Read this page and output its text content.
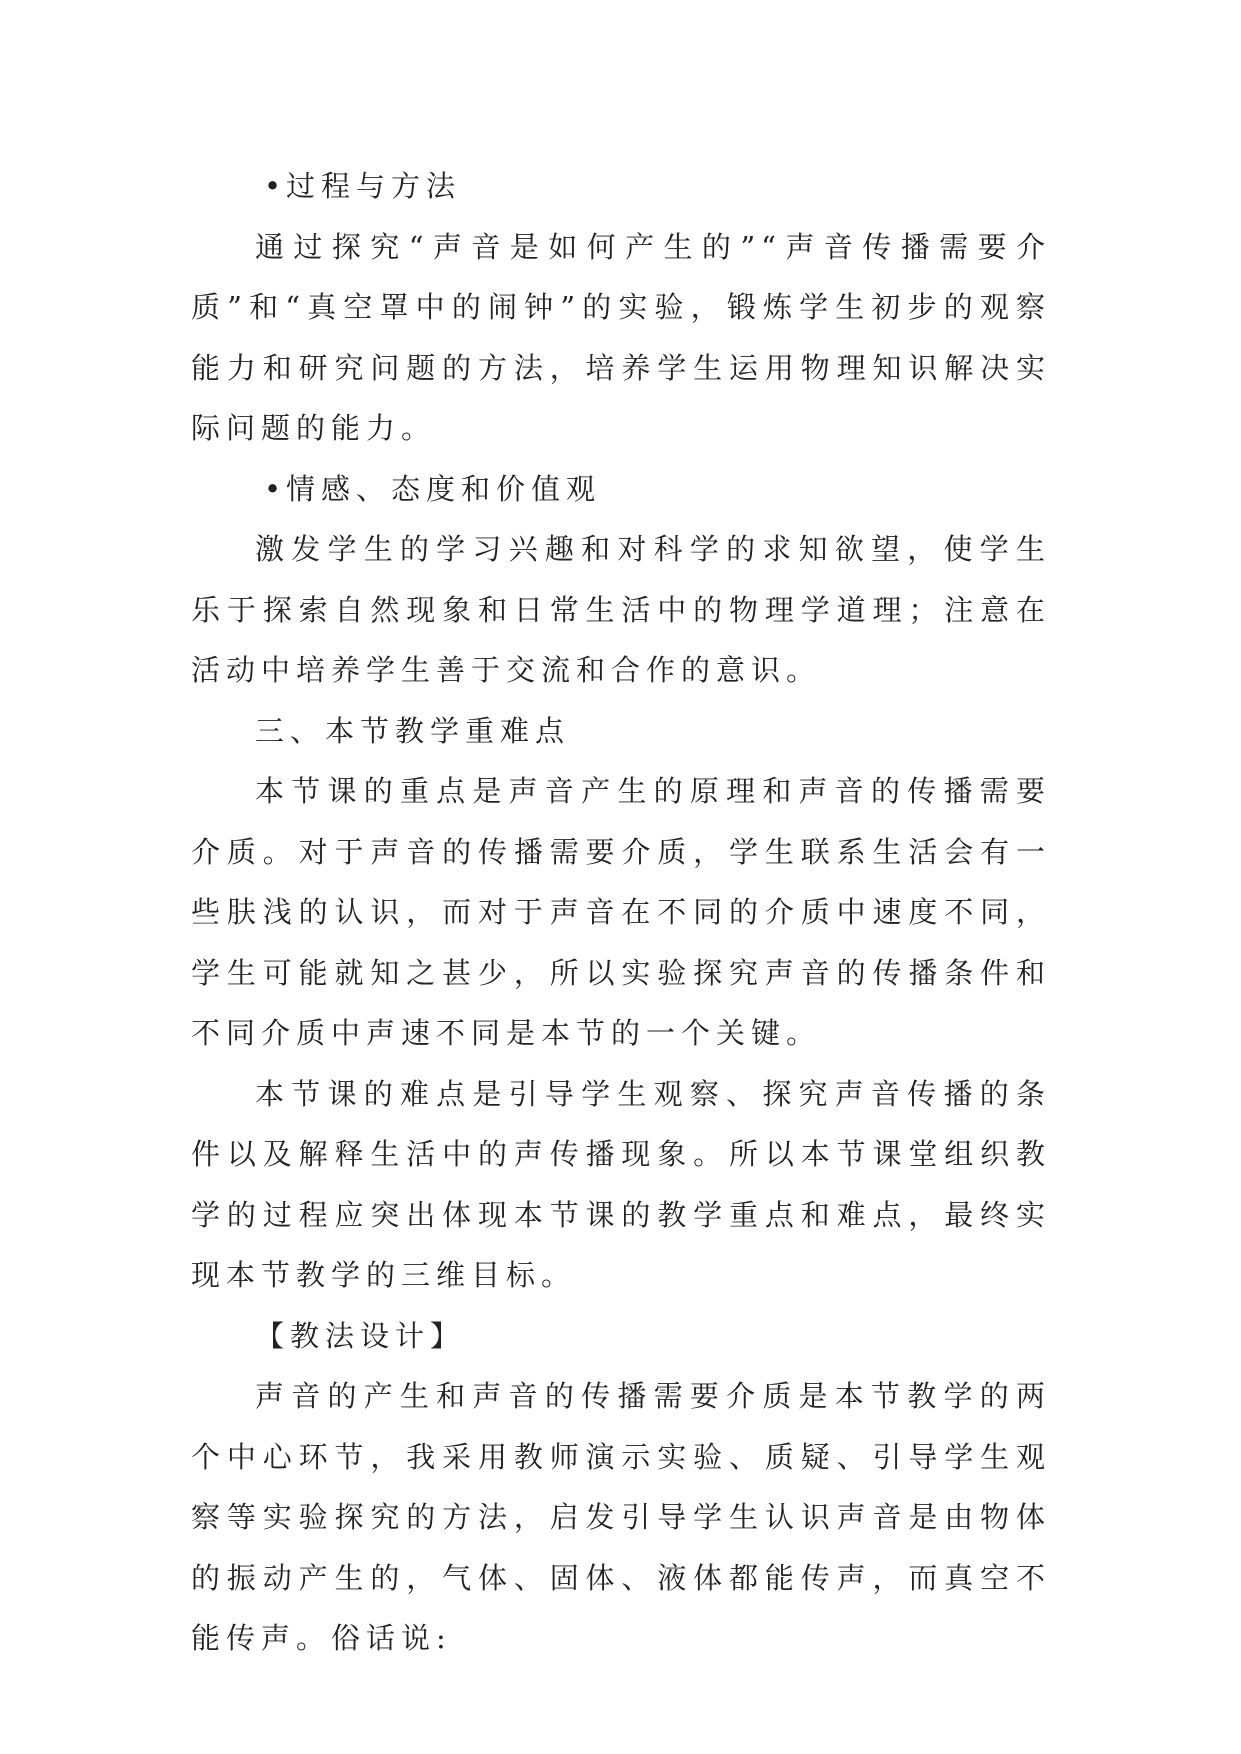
•过程与方法

通过探究“声音是如何产生的”“声音传播需要介质”和“真空罩中的闹钟”的实验，锻炼学生初步的观察能力和研究问题的方法，培养学生运用物理知识解决实际问题的能力。

•情感、态度和价值观

激发学生的学习兴趣和对科学的求知欲望，使学生乐于探索自然现象和日常生活中的物理学道理；注意在活动中培养学生善于交流和合作的意识。

三、本节教学重难点

本节课的重点是声音产生的原理和声音的传播需要介质。对于声音的传播需要介质，学生联系生活会有一些肤浅的认识，而对于声音在不同的介质中速度不同，学生可能就知之甚少，所以实验探究声音的传播条件和不同介质中声速不同是本节的一个关键。

本节课的难点是引导学生观察、探究声音传播的条件以及解释生活中的声传播现象。所以本节课堂组织教学的过程应突出体现本节课的教学重点和难点，最终实现本节教学的三维目标。

【教法设计】

声音的产生和声音的传播需要介质是本节教学的两个中心环节，我采用教师演示实验、质疑、引导学生观察等实验探究的方法，启发引导学生认识声音是由物体的振动产生的，气体、固体、液体都能传声，而真空不能传声。俗话说:
